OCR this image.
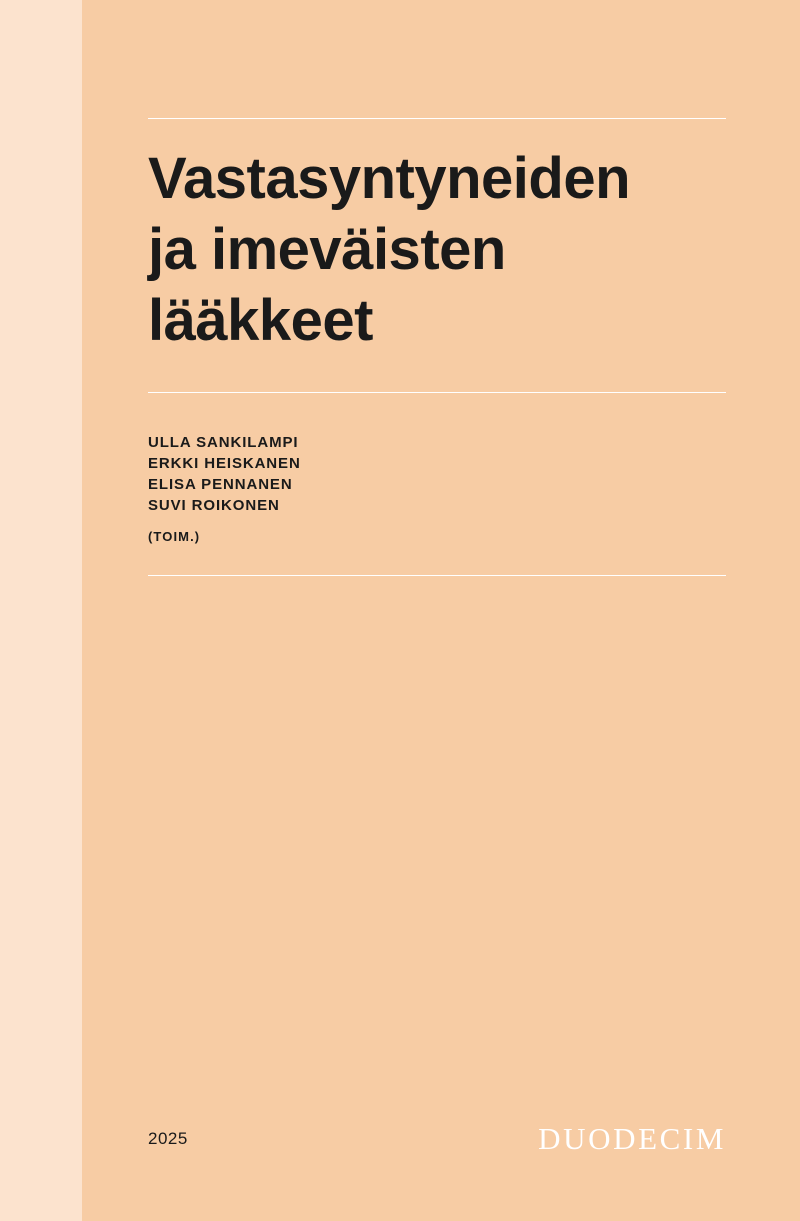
Vastasyntyneiden
ja imeväisten
lääkkeet
ULLA SANKILAMPI
ERKKI HEISKANEN
ELISA PENNANEN
SUVI ROIKONEN
(TOIM.)
2025	DUODECIM
